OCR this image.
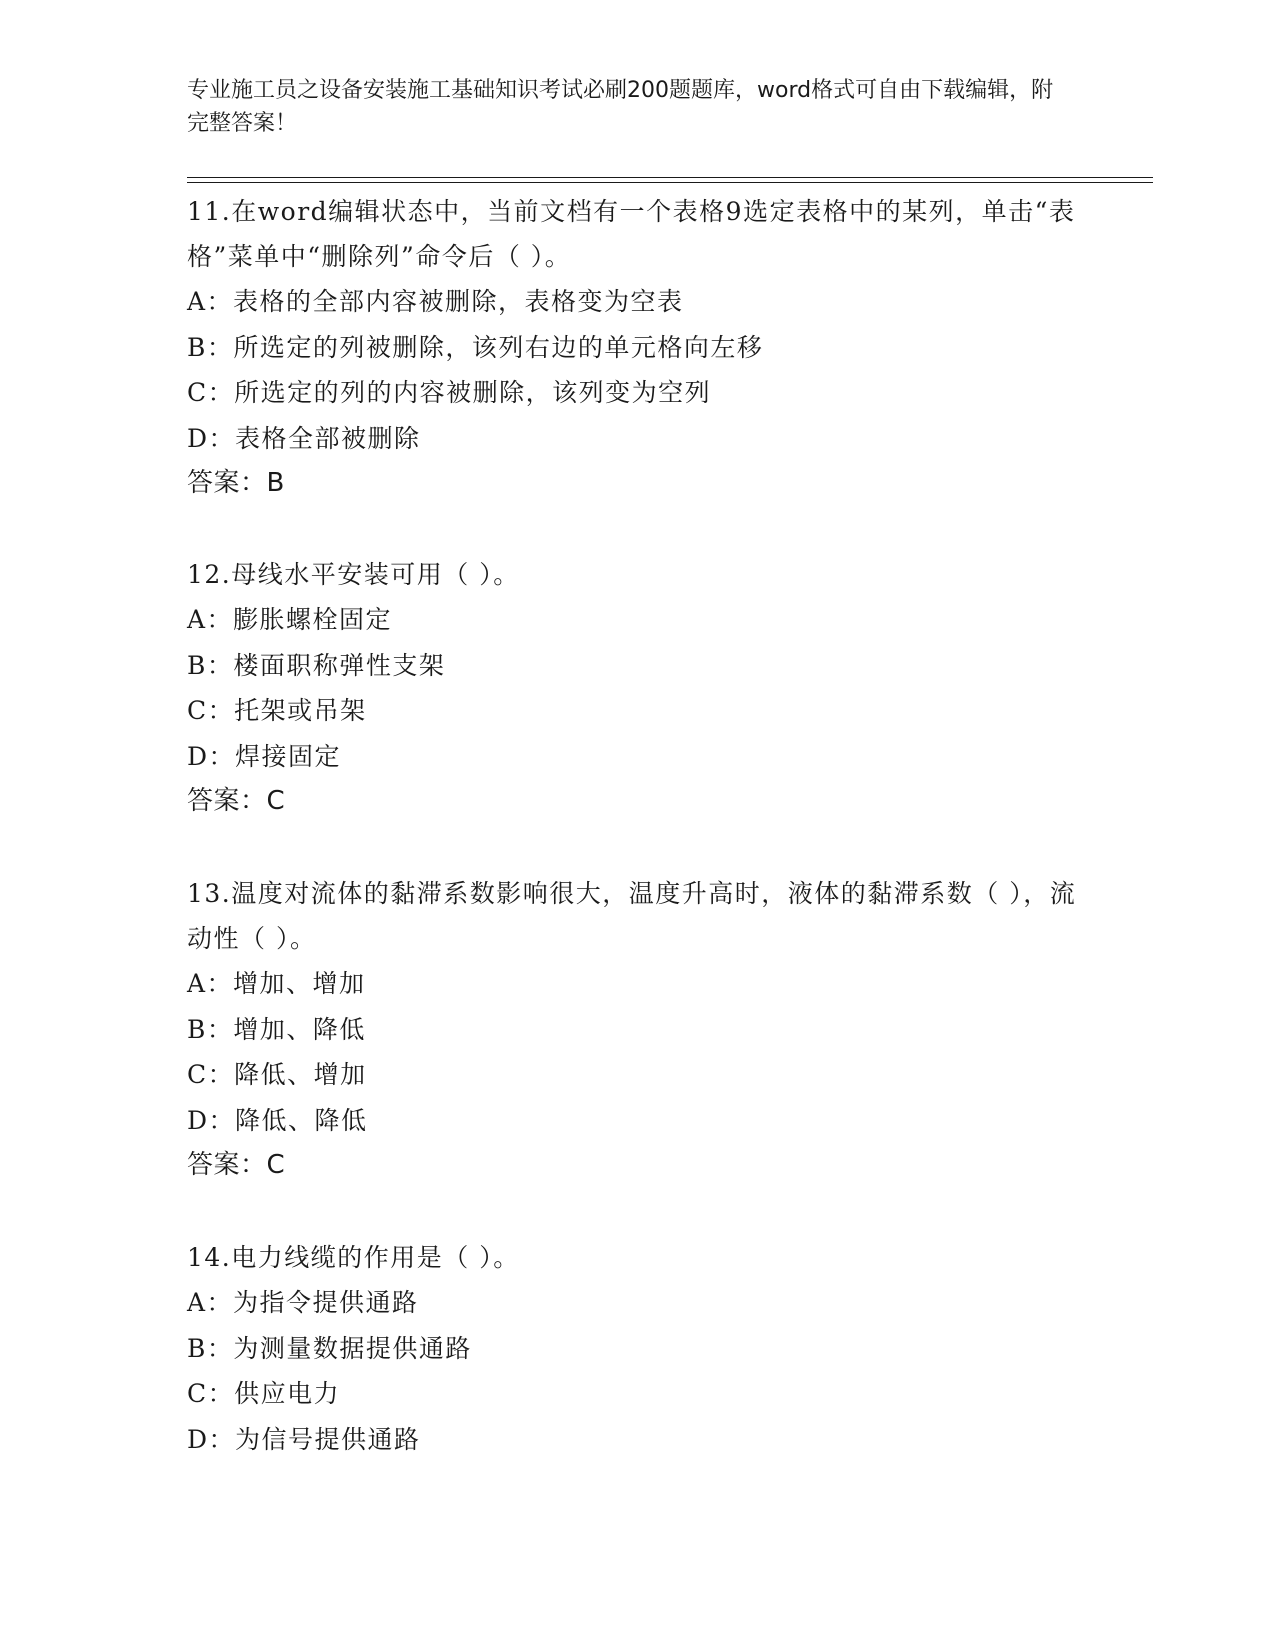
专业施工员之设备安装施工基础知识考试必刷200题题库，word格式可自由下载编辑，附完整答案！
11.在word编辑状态中，当前文档有一个表格9选定表格中的某列，单击“表格”菜单中“删除列”命令后（ ）。
A：表格的全部内容被删除，表格变为空表
B：所选定的列被删除，该列右边的单元格向左移
C：所选定的列的内容被删除，该列变为空列
D：表格全部被删除
答案：B
12.母线水平安装可用（ ）。
A：膨胀螺栓固定
B：楼面职称弹性支架
C：托架或吊架
D：焊接固定
答案：C
13.温度对流体的黏滞系数影响很大，温度升高时，液体的黏滞系数（ ），流动性（ ）。
A：增加、增加
B：增加、降低
C：降低、增加
D：降低、降低
答案：C
14.电力线缆的作用是（ ）。
A：为指令提供通路
B：为测量数据提供通路
C：供应电力
D：为信号提供通路
